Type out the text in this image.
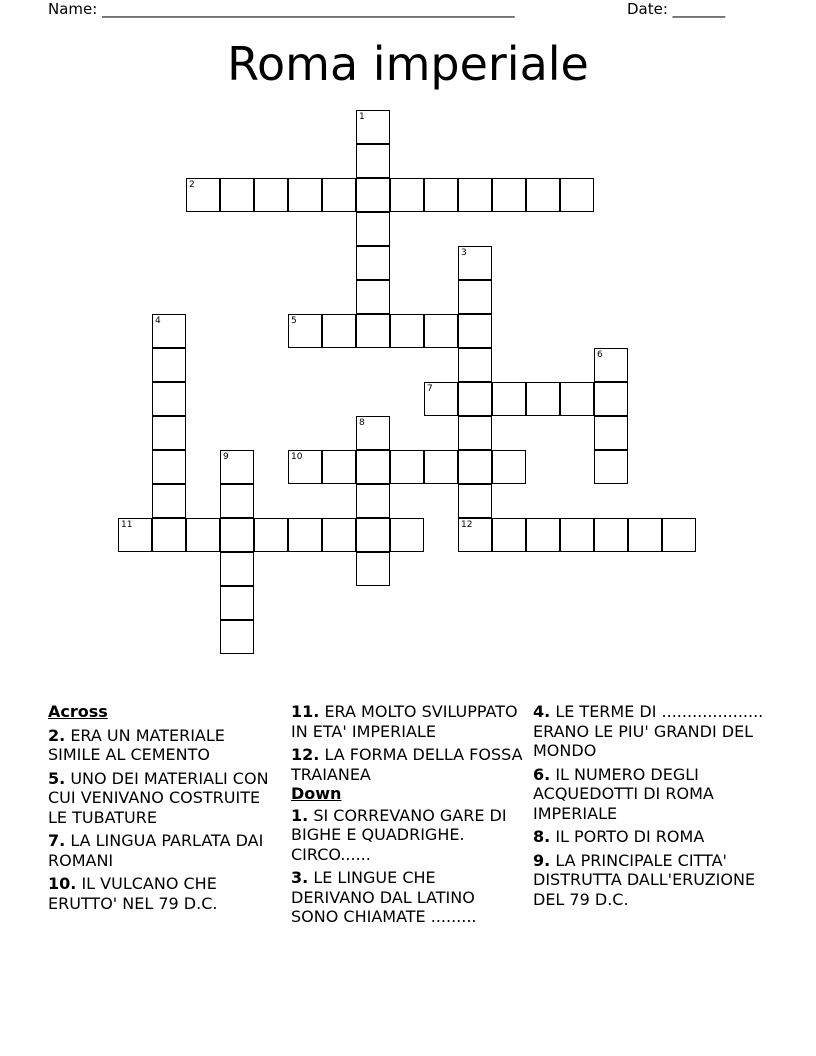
Name: _______________________________________________________	Date: _______
Roma imperiale
1
2
3
12
4	5
6
7
8
9	10
11
Across
2. ERA UN MATERIALE SIMILE AL CEMENTO
5. UNO DEI MATERIALI CON CUI VENIVANO COSTRUITE LE TUBATURE
7. LA LINGUA PARLATA DAI ROMANI
10. IL VULCANO CHE ERUTTO' NEL 79 D.C.
11. ERA MOLTO SVILUPPATO IN ETA' IMPERIALE
12. LA FORMA DELLA FOSSA TRAIANEA
Down
1. SI CORREVANO GARE DI BIGHE E QUADRIGHE. CIRCO......
3. LE LINGUE CHE DERIVANO DAL LATINO SONO CHIAMATE .........
4. LE TERME DI .................... ERANO LE PIU' GRANDI DEL MONDO
6. IL NUMERO DEGLI ACQUEDOTTI DI ROMA IMPERIALE
8. IL PORTO DI ROMA
9. LA PRINCIPALE CITTA' DISTRUTTA DALL'ERUZIONE DEL 79 D.C.
